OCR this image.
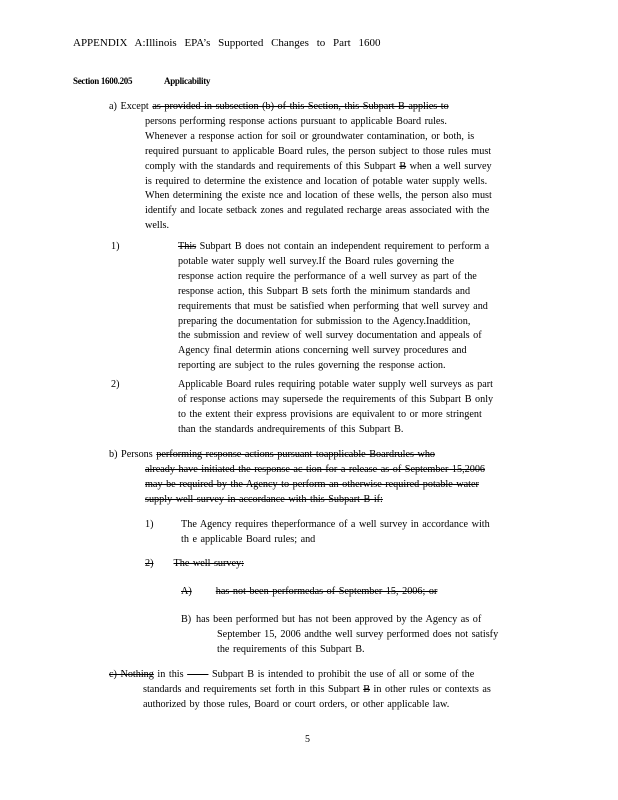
APPENDIX A:Illinois EPA’s Supported Changes to Part 1600
Section 1600.205	Applicability
a) Except as provided in subsection (b) of this Section, this Subpart B applies to
persons performing response actions pursuant to applicable Board rules.
Whenever a response action for soil or groundwater contamination, or both, is
required pursuant to applicable Board rules, the person subject to those rules must
comply with the standards and requirements of this Subpart B when a well survey
is required to determine the existence and location of potable water supply wells.
When determining the existe nce and location of these wells, the person also must
identify and locate setback zones and regulated recharge areas associated with the
wells.
1)	This Subpart B does not contain an independent requirement to perform a
potable water supply well survey.If the Board rules governing the
response action require the performance of a well survey as part of the
response action, this Subpart B sets forth the minimum standards and
requirements that must be satisfied when performing that well survey and
preparing the documentation for submission to the Agency.Inaddition,
the submission and review of well survey documentation and appeals of
Agency final determin ations concerning well survey procedures and
reporting are subject to the rules governing the response action.
2)	Applicable Board rules requiring potable water supply well surveys as part
of response actions may supersede the requirements of this Subpart B only
to the extent their express provisions are equivalent to or more stringent
than the standards andrequirements of this Subpart B.
b) Persons performing response actions pursuant toapplicable Boardrules who
already have initiated the response ac tion for a release as of September 15,2006
may be required by the Agency to perform an otherwise required potable water
supply well survey in accordance with this Subpart B if:
1)	The Agency requires theperformance of a well survey in accordance with
th e applicable Board rules; and
2) The well survey:
A) has not been performedas of September 15, 2006; or
B) has been performed but has not been approved by the Agency as of
September 15, 2006 andthe well survey performed does not satisfy
the requirements of this Subpart B.
c) Nothing in this	Subpart B is intended to prohibit the use of all or some of the
standards and requirements set forth in this Subpart B in other rules or contexts as
authorized by those rules, Board or court orders, or other applicable law.
5
